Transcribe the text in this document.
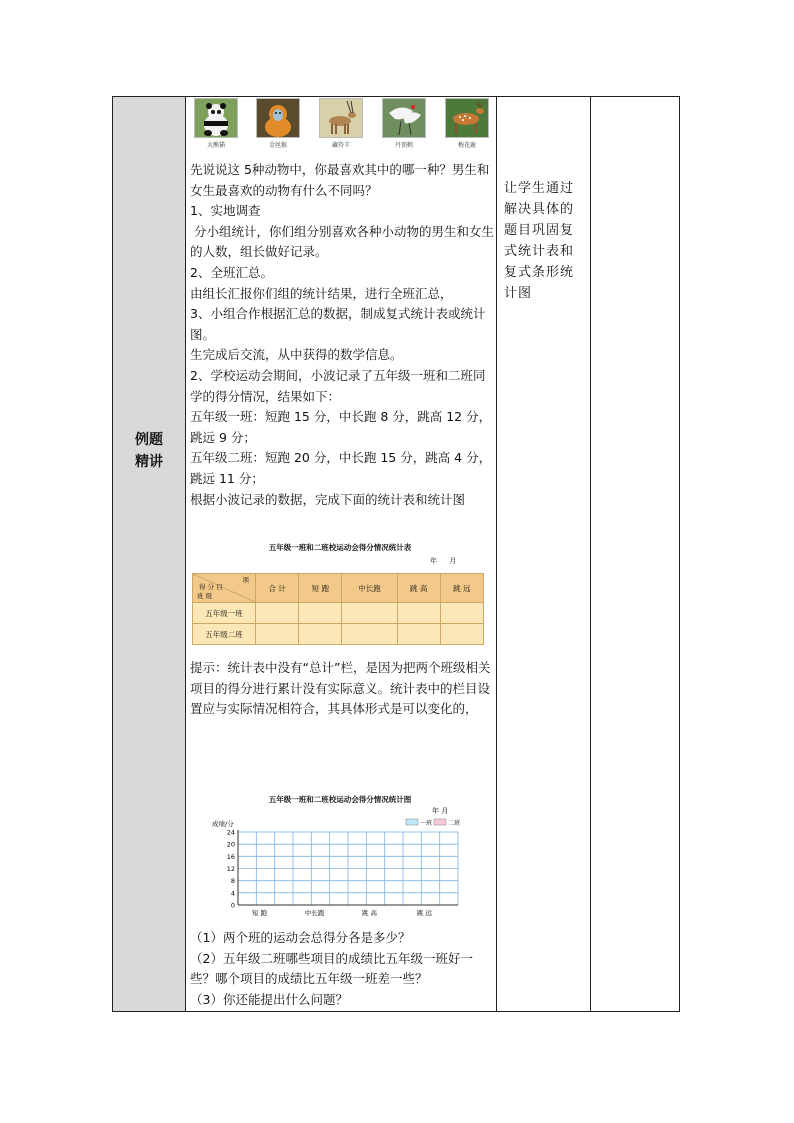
例题
精讲
大熊猫	金丝猴	藏羚羊	丹顶鹤	梅花鹿

先说说这 5种动物中，你最喜欢其中的哪一种？男生和女生最喜欢的动物有什么不同吗？

1、实地调查

分小组统计，你们组分别喜欢各种小动物的男生和女生的人数，组长做好记录。

2、全班汇总。

由组长汇报你们组的统计结果，进行全班汇总，

3、小组合作根据汇总的数据，制成复式统计表或统计图。

生完成后交流，从中获得的数学信息。

2、学校运动会期间，小波记录了五年级一班和二班同学的得分情况，结果如下：

五年级一班：短跑 15 分，中长跑 8 分，跳高 12 分，跳远 9 分；

五年级二班：短跑 20 分，中长跑 15 分，跳高 4 分，跳远 11 分；

根据小波记录的数据，完成下面的统计表和统计图

让学生通过解决具体的题目巩固复式统计表和复式条形统计图
五年级一班和二班校运动会得分情况统计表
年 月
项
得 分 目
班 级	合 计	短 跑	中长跑	跳 高	跳 远
五年级一班					
五年级二班					
提示：统计表中没有“总计”栏，是因为把两个班级相关项目的得分进行累计没有实际意义。统计表中的栏目设置应与实际情况相符合，其具体形式是可以变化的，
五年级一班和二班校运动会得分情况统计图
年 月
一班	二班
成绩/分
0
4
8
12
16
20
24
短 跑	中长跑	跳 高	跳 远

（1）两个班的运动会总得分各是多少？

（2）五年级二班哪些项目的成绩比五年级一班好一些？哪个项目的成绩比五年级一班差一些？

（3）你还能提出什么问题？
